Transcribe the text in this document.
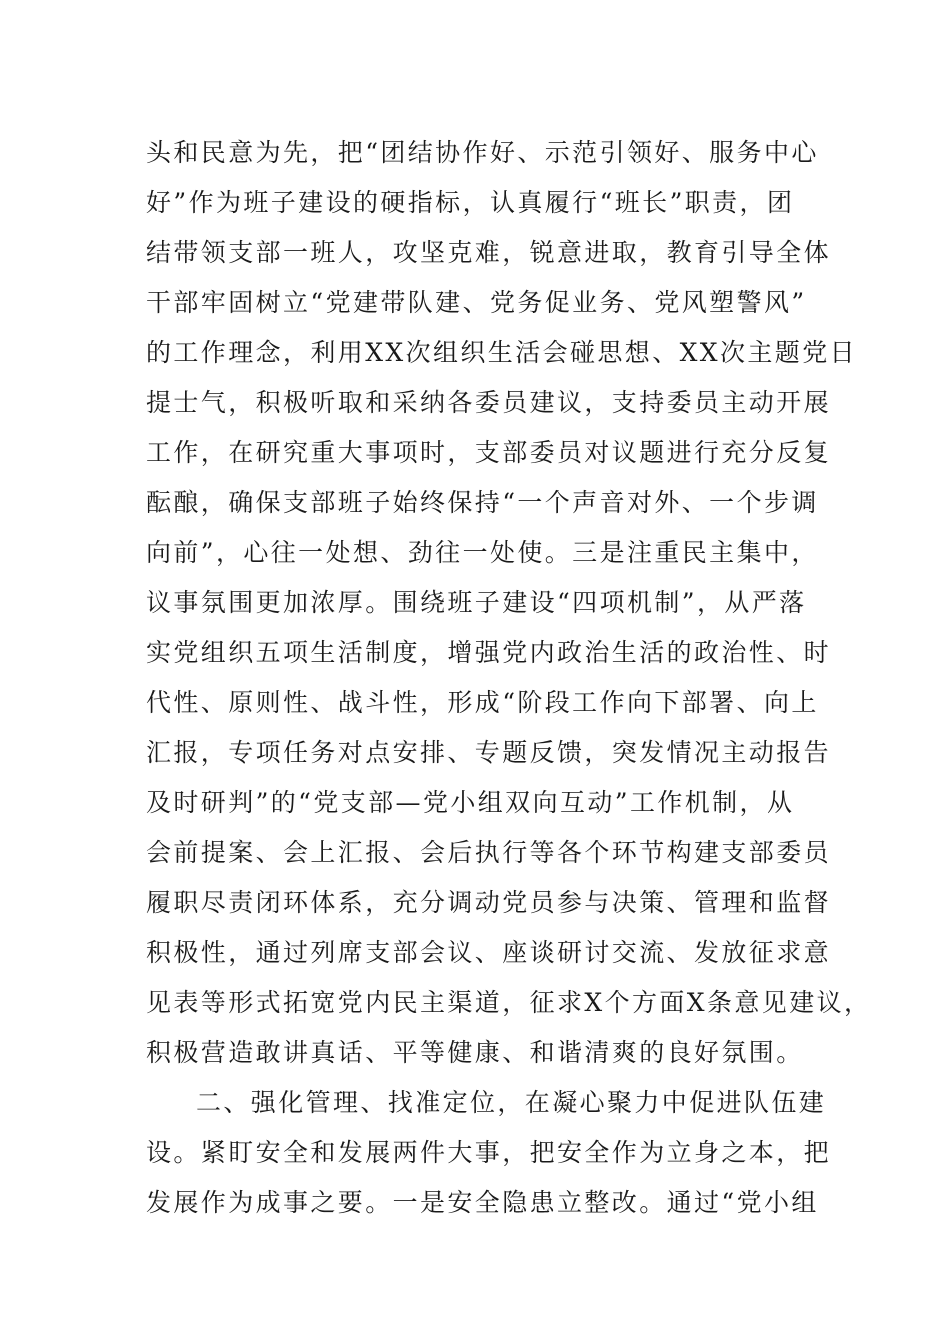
头和民意为先，把“团结协作好、示范引领好、服务中心
好”作为班子建设的硬指标，认真履行“班长”职责，团
结带领支部一班人，攻坚克难，锐意进取，教育引导全体
干部牢固树立“党建带队建、党务促业务、党风塑警风”
的工作理念，利用XX次组织生活会碰思想、XX次主题党日
提士气，积极听取和采纳各委员建议，支持委员主动开展
工作，在研究重大事项时，支部委员对议题进行充分反复
酝酿，确保支部班子始终保持“一个声音对外、一个步调
向前”，心往一处想、劲往一处使。三是注重民主集中，
议事氛围更加浓厚。围绕班子建设“四项机制”，从严落
实党组织五项生活制度，增强党内政治生活的政治性、时
代性、原则性、战斗性，形成“阶段工作向下部署、向上
汇报，专项任务对点安排、专题反馈，突发情况主动报告
及时研判”的“党支部—党小组双向互动”工作机制，从
会前提案、会上汇报、会后执行等各个环节构建支部委员
履职尽责闭环体系，充分调动党员参与决策、管理和监督
积极性，通过列席支部会议、座谈研讨交流、发放征求意
见表等形式拓宽党内民主渠道，征求X个方面X条意见建议，
积极营造敢讲真话、平等健康、和谐清爽的良好氛围。
二、强化管理、找准定位，在凝心聚力中促进队伍建
设。紧盯安全和发展两件大事，把安全作为立身之本，把
发展作为成事之要。一是安全隐患立整改。通过“党小组
